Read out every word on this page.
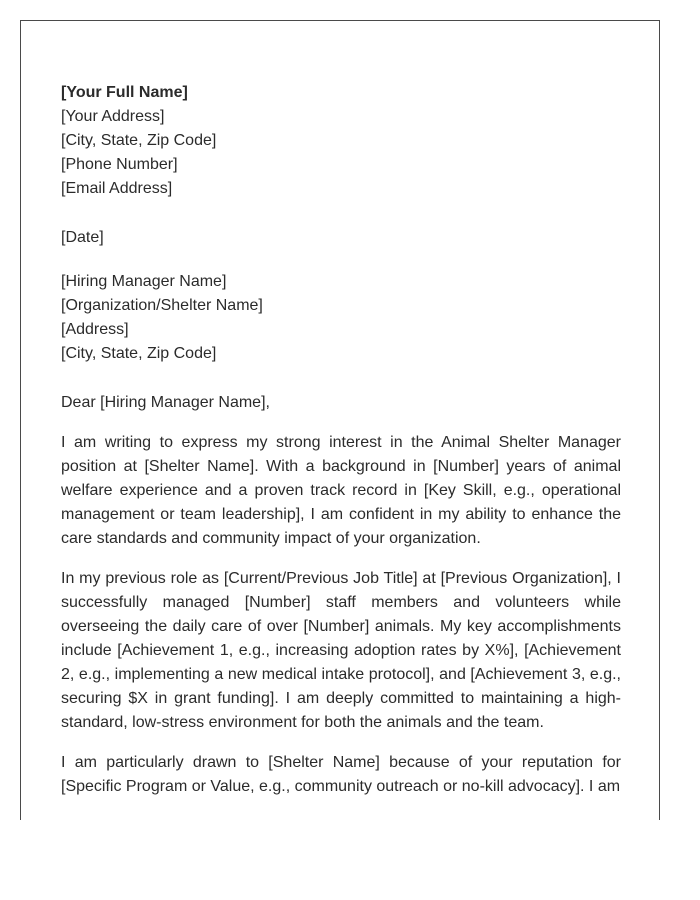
[Your Full Name]
[Your Address]
[City, State, Zip Code]
[Phone Number]
[Email Address]
[Date]
[Hiring Manager Name]
[Organization/Shelter Name]
[Address]
[City, State, Zip Code]
Dear [Hiring Manager Name],

I am writing to express my strong interest in the Animal Shelter Manager position at [Shelter Name]. With a background in [Number] years of animal welfare experience and a proven track record in [Key Skill, e.g., operational management or team leadership], I am confident in my ability to enhance the care standards and community impact of your organization.

In my previous role as [Current/Previous Job Title] at [Previous Organization], I successfully managed [Number] staff members and volunteers while overseeing the daily care of over [Number] animals. My key accomplishments include [Achievement 1, e.g., increasing adoption rates by X%], [Achievement 2, e.g., implementing a new medical intake protocol], and [Achievement 3, e.g., securing $X in grant funding]. I am deeply committed to maintaining a high-standard, low-stress environment for both the animals and the team.

I am particularly drawn to [Shelter Name] because of your reputation for [Specific Program or Value, e.g., community outreach or no-kill advocacy]. I am
